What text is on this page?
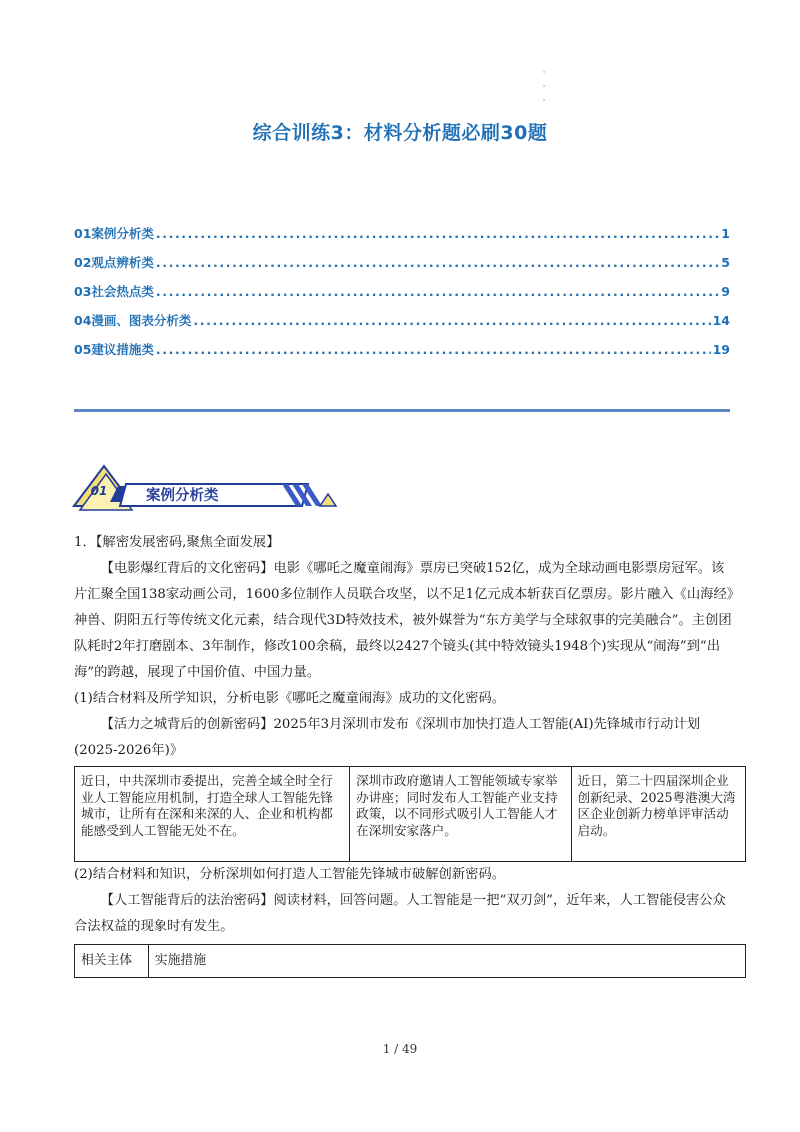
·
·
·
综合训练3：材料分析题必刷30题
01案例分析类 .....	1
02观点辨析类 .....	5
03社会热点类 .....	9
04漫画、图表分析类 .....	14
05建议措施类 .....	19
01	案例分析类

1．【解密发展密码,聚焦全面发展】

【电影爆红背后的文化密码】电影《哪吒之魔童闹海》票房已突破152亿，成为全球动画电影票房冠军。该片汇聚全国138家动画公司，1600多位制作人员联合攻坚，以不足1亿元成本斩获百亿票房。影片融入《山海经》神兽、阴阳五行等传统文化元素，结合现代3D特效技术，被外媒誉为“东方美学与全球叙事的完美融合”。主创团队耗时2年打磨剧本、3年制作，修改100余稿，最终以2427个镜头(其中特效镜头1948个)实现从“闹海”到“出海”的跨越，展现了中国价值、中国力量。

(1)结合材料及所学知识，分析电影《哪吒之魔童闹海》成功的文化密码。

【活力之城背后的创新密码】2025年3月深圳市发布《深圳市加快打造人工智能(AI)先锋城市行动计划(2025-2026年)》

近日，中共深圳市委提出，完善全域全时全行业人工智能应用机制，打造全球人工智能先锋城市，让所有在深和来深的人、企业和机构都能感受到人工智能无处不在。	深圳市政府邀请人工智能领域专家举办讲座；同时发布人工智能产业支持政策，以不同形式吸引人工智能人才在深圳安家落户。	近日，第二十四届深圳企业创新纪录、2025粤港澳大湾区企业创新力榜单评审活动启动。

(2)结合材料和知识，分析深圳如何打造人工智能先锋城市破解创新密码。

【人工智能背后的法治密码】阅读材料，回答问题。人工智能是一把“双刃剑”，近年来，人工智能侵害公众合法权益的现象时有发生。

相关主体	实施措施
1 / 49
